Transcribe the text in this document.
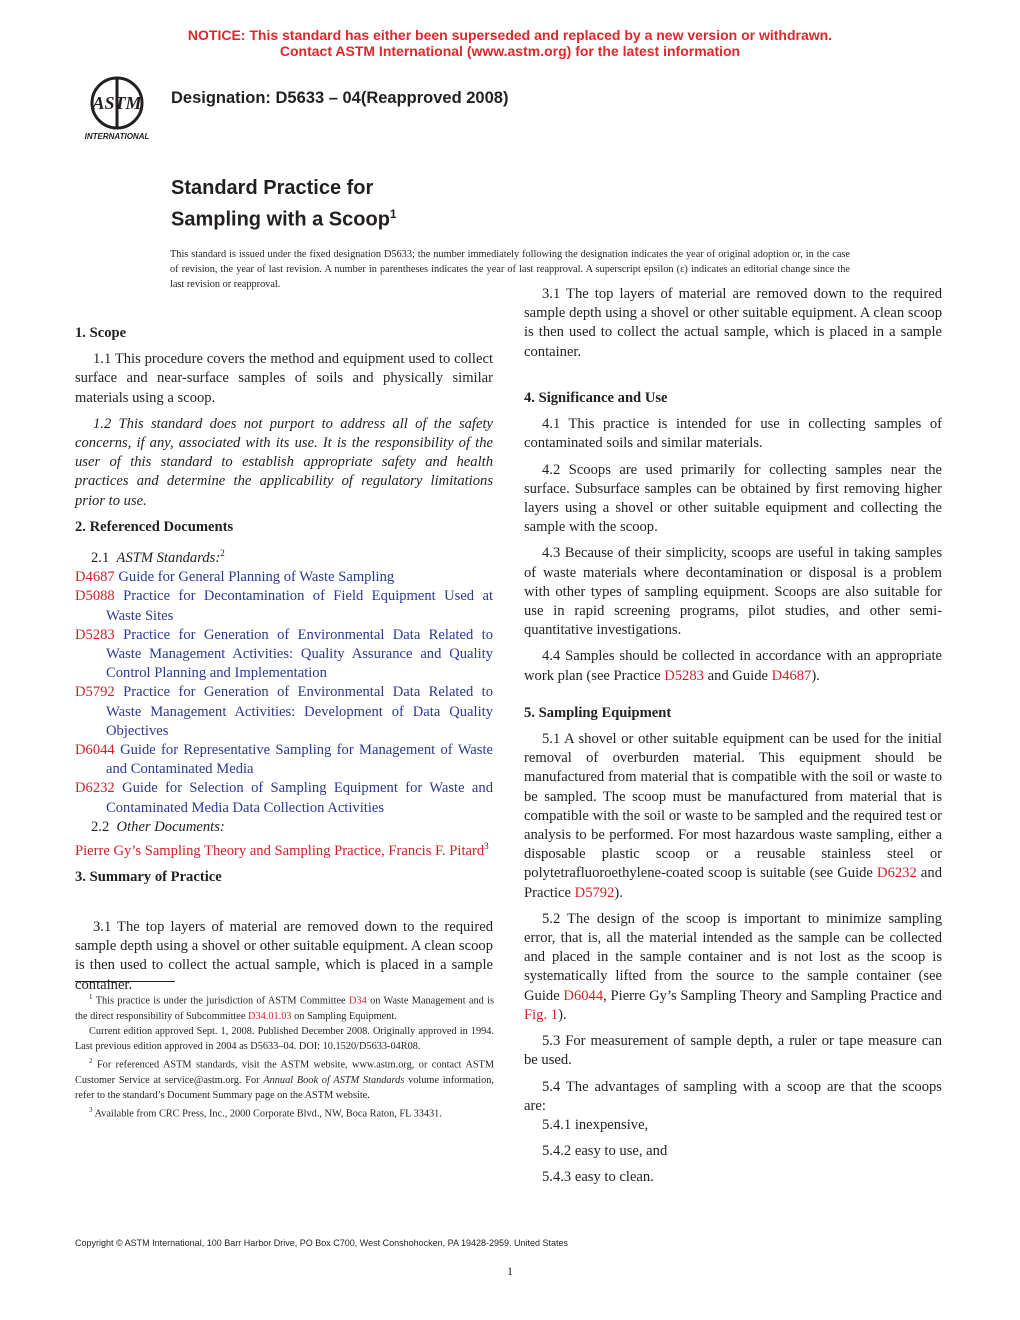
NOTICE: This standard has either been superseded and replaced by a new version or withdrawn.
Contact ASTM International (www.astm.org) for the latest information
ASTM
INTERNATIONAL
Designation: D5633 – 04(Reapproved 2008)
Standard Practice for
Sampling with a Scoop$^1$
This standard is issued under the fixed designation D5633; the number immediately following the designation indicates the year of original adoption or, in the case of revision, the year of last revision. A number in parentheses indicates the year of last reapproval. A superscript epsilon (ε) indicates an editorial change since the last revision or reapproval.
1. Scope

1.1 This procedure covers the method and equipment used to collect surface and near-surface samples of soils and physically similar materials using a scoop.

1.2 This standard does not purport to address all of the safety concerns, if any, associated with its use. It is the responsibility of the user of this standard to establish appropriate safety and health practices and determine the applicability of regulatory limitations prior to use.

2. Referenced Documents

2.1 ASTM Standards:$^2$

D4687 Guide for General Planning of Waste Sampling
D5088 Practice for Decontamination of Field Equipment Used at Waste Sites
D5283 Practice for Generation of Environmental Data Related to Waste Management Activities: Quality Assurance and Quality Control Planning and Implementation
D5792 Practice for Generation of Environmental Data Related to Waste Management Activities: Development of Data Quality Objectives
D6044 Guide for Representative Sampling for Management of Waste and Contaminated Media
D6232 Guide for Selection of Sampling Equipment for Waste and Contaminated Media Data Collection Activities

2.2 Other Documents:

Pierre Gy’s Sampling Theory and Sampling Practice, Francis F. Pitard$^3$
3. Summary of Practice

3.1 The top layers of material are removed down to the required sample depth using a shovel or other suitable equipment. A clean scoop is then used to collect the actual sample, which is placed in a sample container.

3.1 The top layers of material are removed down to the required sample depth using a shovel or other suitable equipment. A clean scoop is then used to collect the actual sample, which is placed in a sample container.

4. Significance and Use

4.1 This practice is intended for use in collecting samples of contaminated soils and similar materials.

4.2 Scoops are used primarily for collecting samples near the surface. Subsurface samples can be obtained by first removing higher layers using a shovel or other suitable equipment and collecting the sample with the scoop.

4.3 Because of their simplicity, scoops are useful in taking samples of waste materials where decontamination or disposal is a problem with other types of sampling equipment. Scoops are also suitable for use in rapid screening programs, pilot studies, and other semi-quantitative investigations.

4.4 Samples should be collected in accordance with an appropriate work plan (see Practice D5283 and Guide D4687).

5. Sampling Equipment

5.1 A shovel or other suitable equipment can be used for the initial removal of overburden material. This equipment should be manufactured from material that is compatible with the soil or waste to be sampled. The scoop must be manufactured from material that is compatible with the soil or waste to be sampled and the required test or analysis to be performed. For most hazardous waste sampling, either a disposable plastic scoop or a reusable stainless steel or polytetrafluoroethylene-coated scoop is suitable (see Guide D6232 and Practice D5792).

5.2 The design of the scoop is important to minimize sampling error, that is, all the material intended as the sample can be collected and placed in the sample container and is not lost as the scoop is systematically lifted from the source to the sample container (see Guide D6044, Pierre Gy’s Sampling Theory and Sampling Practice and Fig. 1).

5.3 For measurement of sample depth, a ruler or tape measure can be used.

5.4 The advantages of sampling with a scoop are that the scoops are:

5.4.1 inexpensive,

5.4.2 easy to use, and

5.4.3 easy to clean.

$^1$ This practice is under the jurisdiction of ASTM Committee D34 on Waste Management and is the direct responsibility of Subcommittee D34.01.03 on Sampling Equipment.

Current edition approved Sept. 1, 2008. Published December 2008. Originally approved in 1994. Last previous edition approved in 2004 as D5633–04. DOI: 10.1520/D5633-04R08.

$^2$ For referenced ASTM standards, visit the ASTM website, www.astm.org, or contact ASTM Customer Service at service@astm.org. For Annual Book of ASTM Standards volume information, refer to the standard’s Document Summary page on the ASTM website.

$^3$ Available from CRC Press, Inc., 2000 Corporate Blvd., NW, Boca Raton, FL 33431.

Copyright © ASTM International, 100 Barr Harbor Drive, PO Box C700, West Conshohocken, PA 19428-2959. United States
1
